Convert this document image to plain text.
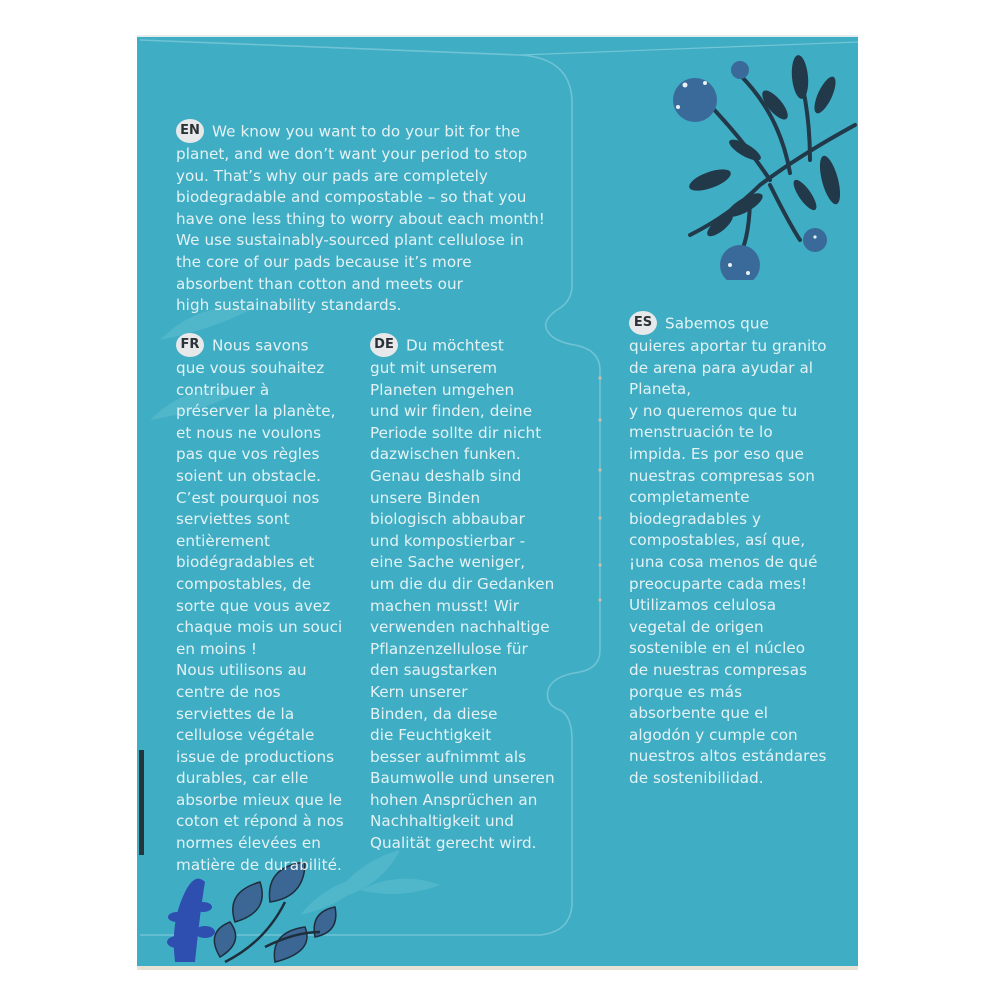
EN We know you want to do your bit for the
planet, and we don’t want your period to stop
you. That’s why our pads are completely
biodegradable and compostable – so that you
have one less thing to worry about each month!
We use sustainably-sourced plant cellulose in
the core of our pads because it’s more
absorbent than cotton and meets our
high sustainability standards.
FR Nous savons
que vous souhaitez
contribuer à
préserver la planète,
et nous ne voulons
pas que vos règles
soient un obstacle.
C’est pourquoi nos
serviettes sont
entièrement
biodégradables et
compostables, de
sorte que vous avez
chaque mois un souci
en moins !
Nous utilisons au
centre de nos
serviettes de la
cellulose végétale
issue de productions
durables, car elle
absorbe mieux que le
coton et répond à nos
normes élevées en
matière de durabilité.
DE Du möchtest
gut mit unserem
Planeten umgehen
und wir finden, deine
Periode sollte dir nicht
dazwischen funken.
Genau deshalb sind
unsere Binden
biologisch abbaubar
und kompostierbar -
eine Sache weniger,
um die du dir Gedanken
machen musst! Wir
verwenden nachhaltige
Pflanzenzellulose für
den saugstarken
Kern unserer
Binden, da diese
die Feuchtigkeit
besser aufnimmt als
Baumwolle und unseren
hohen Ansprüchen an
Nachhaltigkeit und
Qualität gerecht wird.
ES Sabemos que
quieres aportar tu granito
de arena para ayudar al
Planeta,
y no queremos que tu
menstruación te lo
impida. Es por eso que
nuestras compresas son
completamente
biodegradables y
compostables, así que,
¡una cosa menos de qué
preocuparte cada mes!
Utilizamos celulosa
vegetal de origen
sostenible en el núcleo
de nuestras compresas
porque es más
absorbente que el
algodón y cumple con
nuestros altos estándares
de sostenibilidad.
